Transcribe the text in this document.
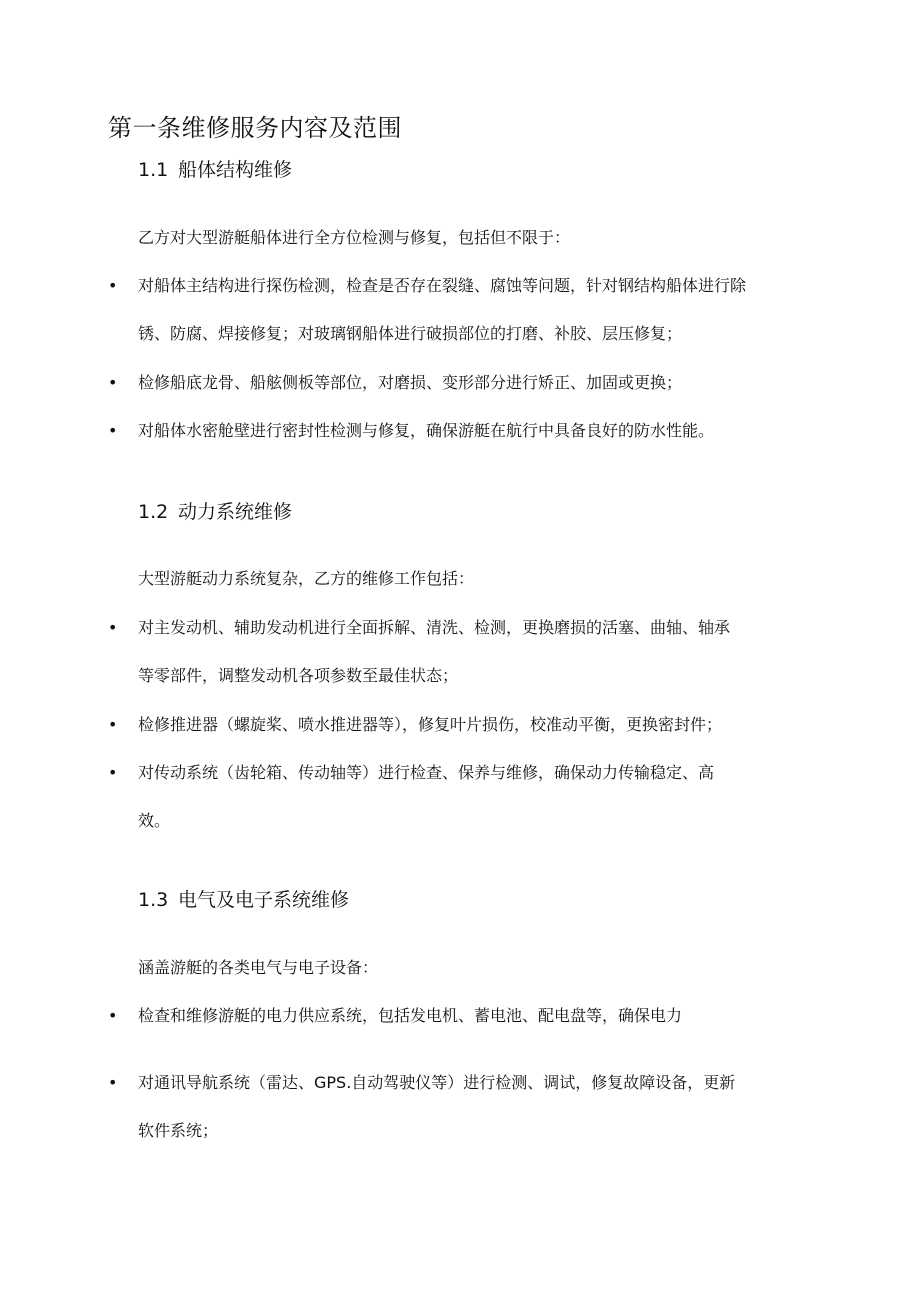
第一条维修服务内容及范围
1.1 船体结构维修
乙方对大型游艇船体进行全方位检测与修复，包括但不限于：
• 对船体主结构进行探伤检测，检查是否存在裂缝、腐蚀等问题，针对钢结构船体进行除
锈、防腐、焊接修复；对玻璃钢船体进行破损部位的打磨、补胶、层压修复；
• 检修船底龙骨、船舷侧板等部位，对磨损、变形部分进行矫正、加固或更换；
• 对船体水密舱壁进行密封性检测与修复，确保游艇在航行中具备良好的防水性能。
1.2 动力系统维修
大型游艇动力系统复杂，乙方的维修工作包括：
• 对主发动机、辅助发动机进行全面拆解、清洗、检测，更换磨损的活塞、曲轴、轴承
等零部件，调整发动机各项参数至最佳状态；
• 检修推进器（螺旋桨、喷水推进器等），修复叶片损伤，校准动平衡，更换密封件；
• 对传动系统（齿轮箱、传动轴等）进行检查、保养与维修，确保动力传输稳定、高
效。
1.3 电气及电子系统维修
涵盖游艇的各类电气与电子设备：
• 检查和维修游艇的电力供应系统，包括发电机、蓄电池、配电盘等，确保电力
• 对通讯导航系统（雷达、GPS.自动驾驶仪等）进行检测、调试，修复故障设备，更新
软件系统；
